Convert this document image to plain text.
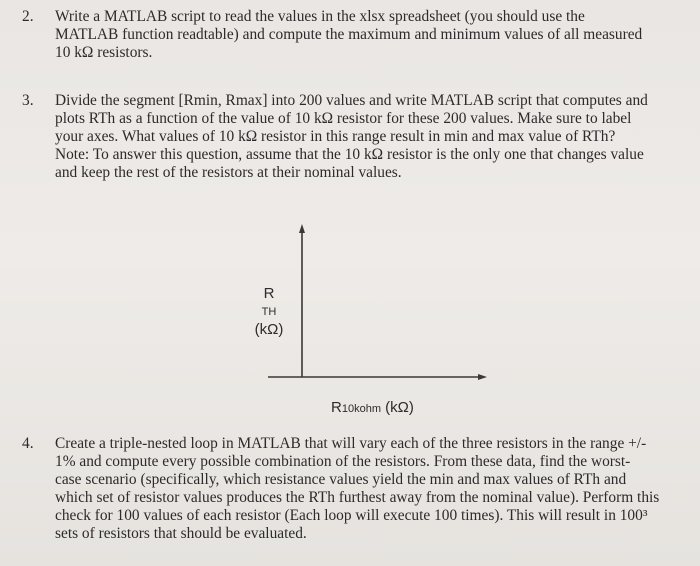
2. Write a MATLAB script to read the values in the xlsx spreadsheet (you should use the
MATLAB function readtable) and compute the maximum and minimum values of all measured
10 kΩ resistors.
3. Divide the segment [Rmin, Rmax] into 200 values and write MATLAB script that computes and
plots RTh as a function of the value of 10 kΩ resistor for these 200 values. Make sure to label
your axes. What values of 10 kΩ resistor in this range result in min and max value of RTh?
Note: To answer this question, assume that the 10 kΩ resistor is the only one that changes value
and keep the rest of the resistors at their nominal values.
R
TH
(kΩ)
R10kohm (kΩ)
4. Create a triple-nested loop in MATLAB that will vary each of the three resistors in the range +/-
1% and compute every possible combination of the resistors. From these data, find the worst-
case scenario (specifically, which resistance values yield the min and max values of RTh and
which set of resistor values produces the RTh furthest away from the nominal value). Perform this
check for 100 values of each resistor (Each loop will execute 100 times). This will result in 100³
sets of resistors that should be evaluated.
